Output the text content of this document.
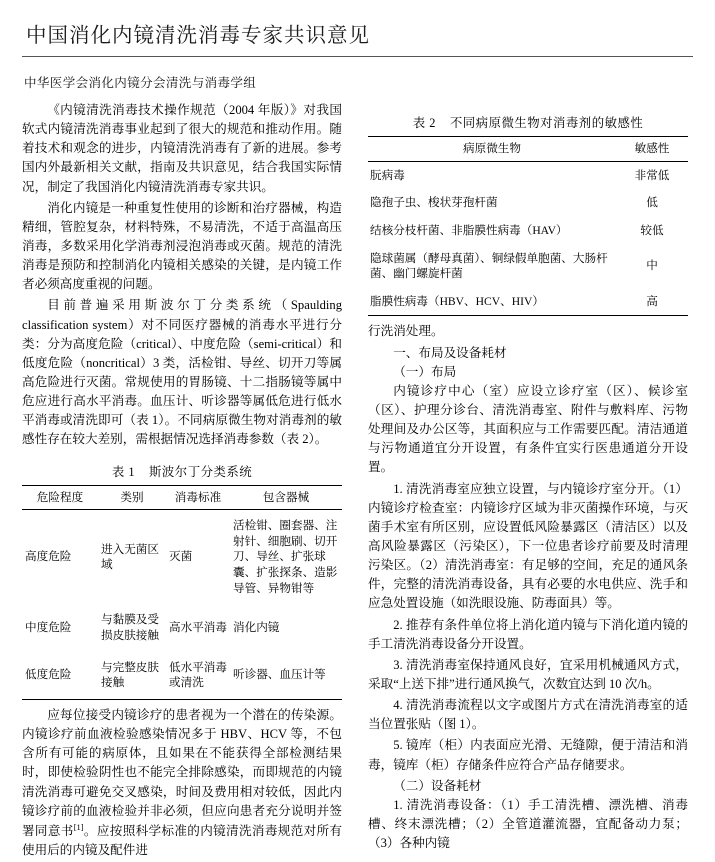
中国消化内镜清洗消毒专家共识意见
中华医学会消化内镜分会清洗与消毒学组

《内镜清洗消毒技术操作规范（2004 年版）》对我国软式内镜清洗消毒事业起到了很大的规范和推动作用。随着技术和观念的进步，内镜清洗消毒有了新的进展。参考国内外最新相关文献，指南及共识意见，结合我国实际情况，制定了我国消化内镜清洗消毒专家共识。

消化内镜是一种重复性使用的诊断和治疗器械，构造精细，管腔复杂，材料特殊，不易清洗，不适于高温高压消毒，多数采用化学消毒剂浸泡消毒或灭菌。规范的清洗消毒是预防和控制消化内镜相关感染的关键，是内镜工作者必须高度重视的问题。

目前普遍采用斯波尔丁分类系统（Spaulding classification system）对不同医疗器械的消毒水平进行分类：分为高度危险（critical）、中度危险（semi-critical）和低度危险（noncritical）3 类，活检钳、导丝、切开刀等属高危险进行灭菌。常规使用的胃肠镜、十二指肠镜等属中危应进行高水平消毒。血压计、听诊器等属低危进行低水平消毒或清洗即可（表 1）。不同病原微生物对消毒剂的敏感性存在较大差别，需根据情况选择消毒参数（表 2）。

表 1 斯波尔丁分类系统
危险程度	类别	消毒标准	包含器械
高度危险	进入无菌区域	灭菌	活检钳、圈套器、注射针、细胞刷、切开刀、导丝、扩张球囊、扩张探条、造影导管、异物钳等
中度危险	与黏膜及受损皮肤接触	高水平消毒	消化内镜
低度危险	与完整皮肤接触	低水平消毒或清洗	听诊器、血压计等

应每位接受内镜诊疗的患者视为一个潜在的传染源。内镜诊疗前血液检验感染情况多于 HBV、HCV 等，不包含所有可能的病原体，且如果在不能获得全部检测结果时，即使检验阴性也不能完全排除感染，而即规范的内镜清洗消毒可避免交叉感染，时间及费用相对较低，因此内镜诊疗前的血液检验并非必须，但应向患者充分说明并签署同意书[1]。应按照科学标准的内镜清洗消毒规范对所有使用后的内镜及配件进

表 2 不同病原微生物对消毒剂的敏感性
病原微生物	敏感性
朊病毒	非常低
隐孢子虫、梭状芽孢杆菌	低
结核分枝杆菌、非脂膜性病毒（HAV）	较低
隐球菌属（酵母真菌）、铜绿假单胞菌、大肠杆菌、幽门螺旋杆菌	中
脂膜性病毒（HBV、HCV、HIV）	高

行洗消处理。

一、布局及设备耗材

（一）布局

内镜诊疗中心（室）应设立诊疗室（区）、候诊室（区）、护理分诊台、清洗消毒室、附件与敷料库、污物处理间及办公区等，其面积应与工作需要匹配。清洁通道与污物通道宜分开设置，有条件宜实行医患通道分开设置。

1. 清洗消毒室应独立设置，与内镜诊疗室分开。（1）内镜诊疗检查室：内镜诊疗区域为非灭菌操作环境，与灭菌手术室有所区别，应设置低风险暴露区（清洁区）以及高风险暴露区（污染区），下一位患者诊疗前要及时清理污染区。（2）清洗消毒室：有足够的空间，充足的通风条件，完整的清洗消毒设备，具有必要的水电供应、洗手和应急处置设施（如洗眼设施、防毒面具）等。

2. 推荐有条件单位将上消化道内镜与下消化道内镜的手工清洗消毒设备分开设置。

3. 清洗消毒室保持通风良好，宜采用机械通风方式，采取“上送下排”进行通风换气，次数宜达到 10 次/h。

4. 清洗消毒流程以文字或图片方式在清洗消毒室的适当位置张贴（图 1）。

5. 镜库（柜）内表面应光滑、无缝隙，便于清洁和消毒，镜库（柜）存储条件应符合产品存储要求。

（二）设备耗材

1. 清洗消毒设备：（1）手工清洗槽、漂洗槽、消毒槽、终末漂洗槽；（2）全管道灌流器，宜配备动力泵；（3）各种内镜
